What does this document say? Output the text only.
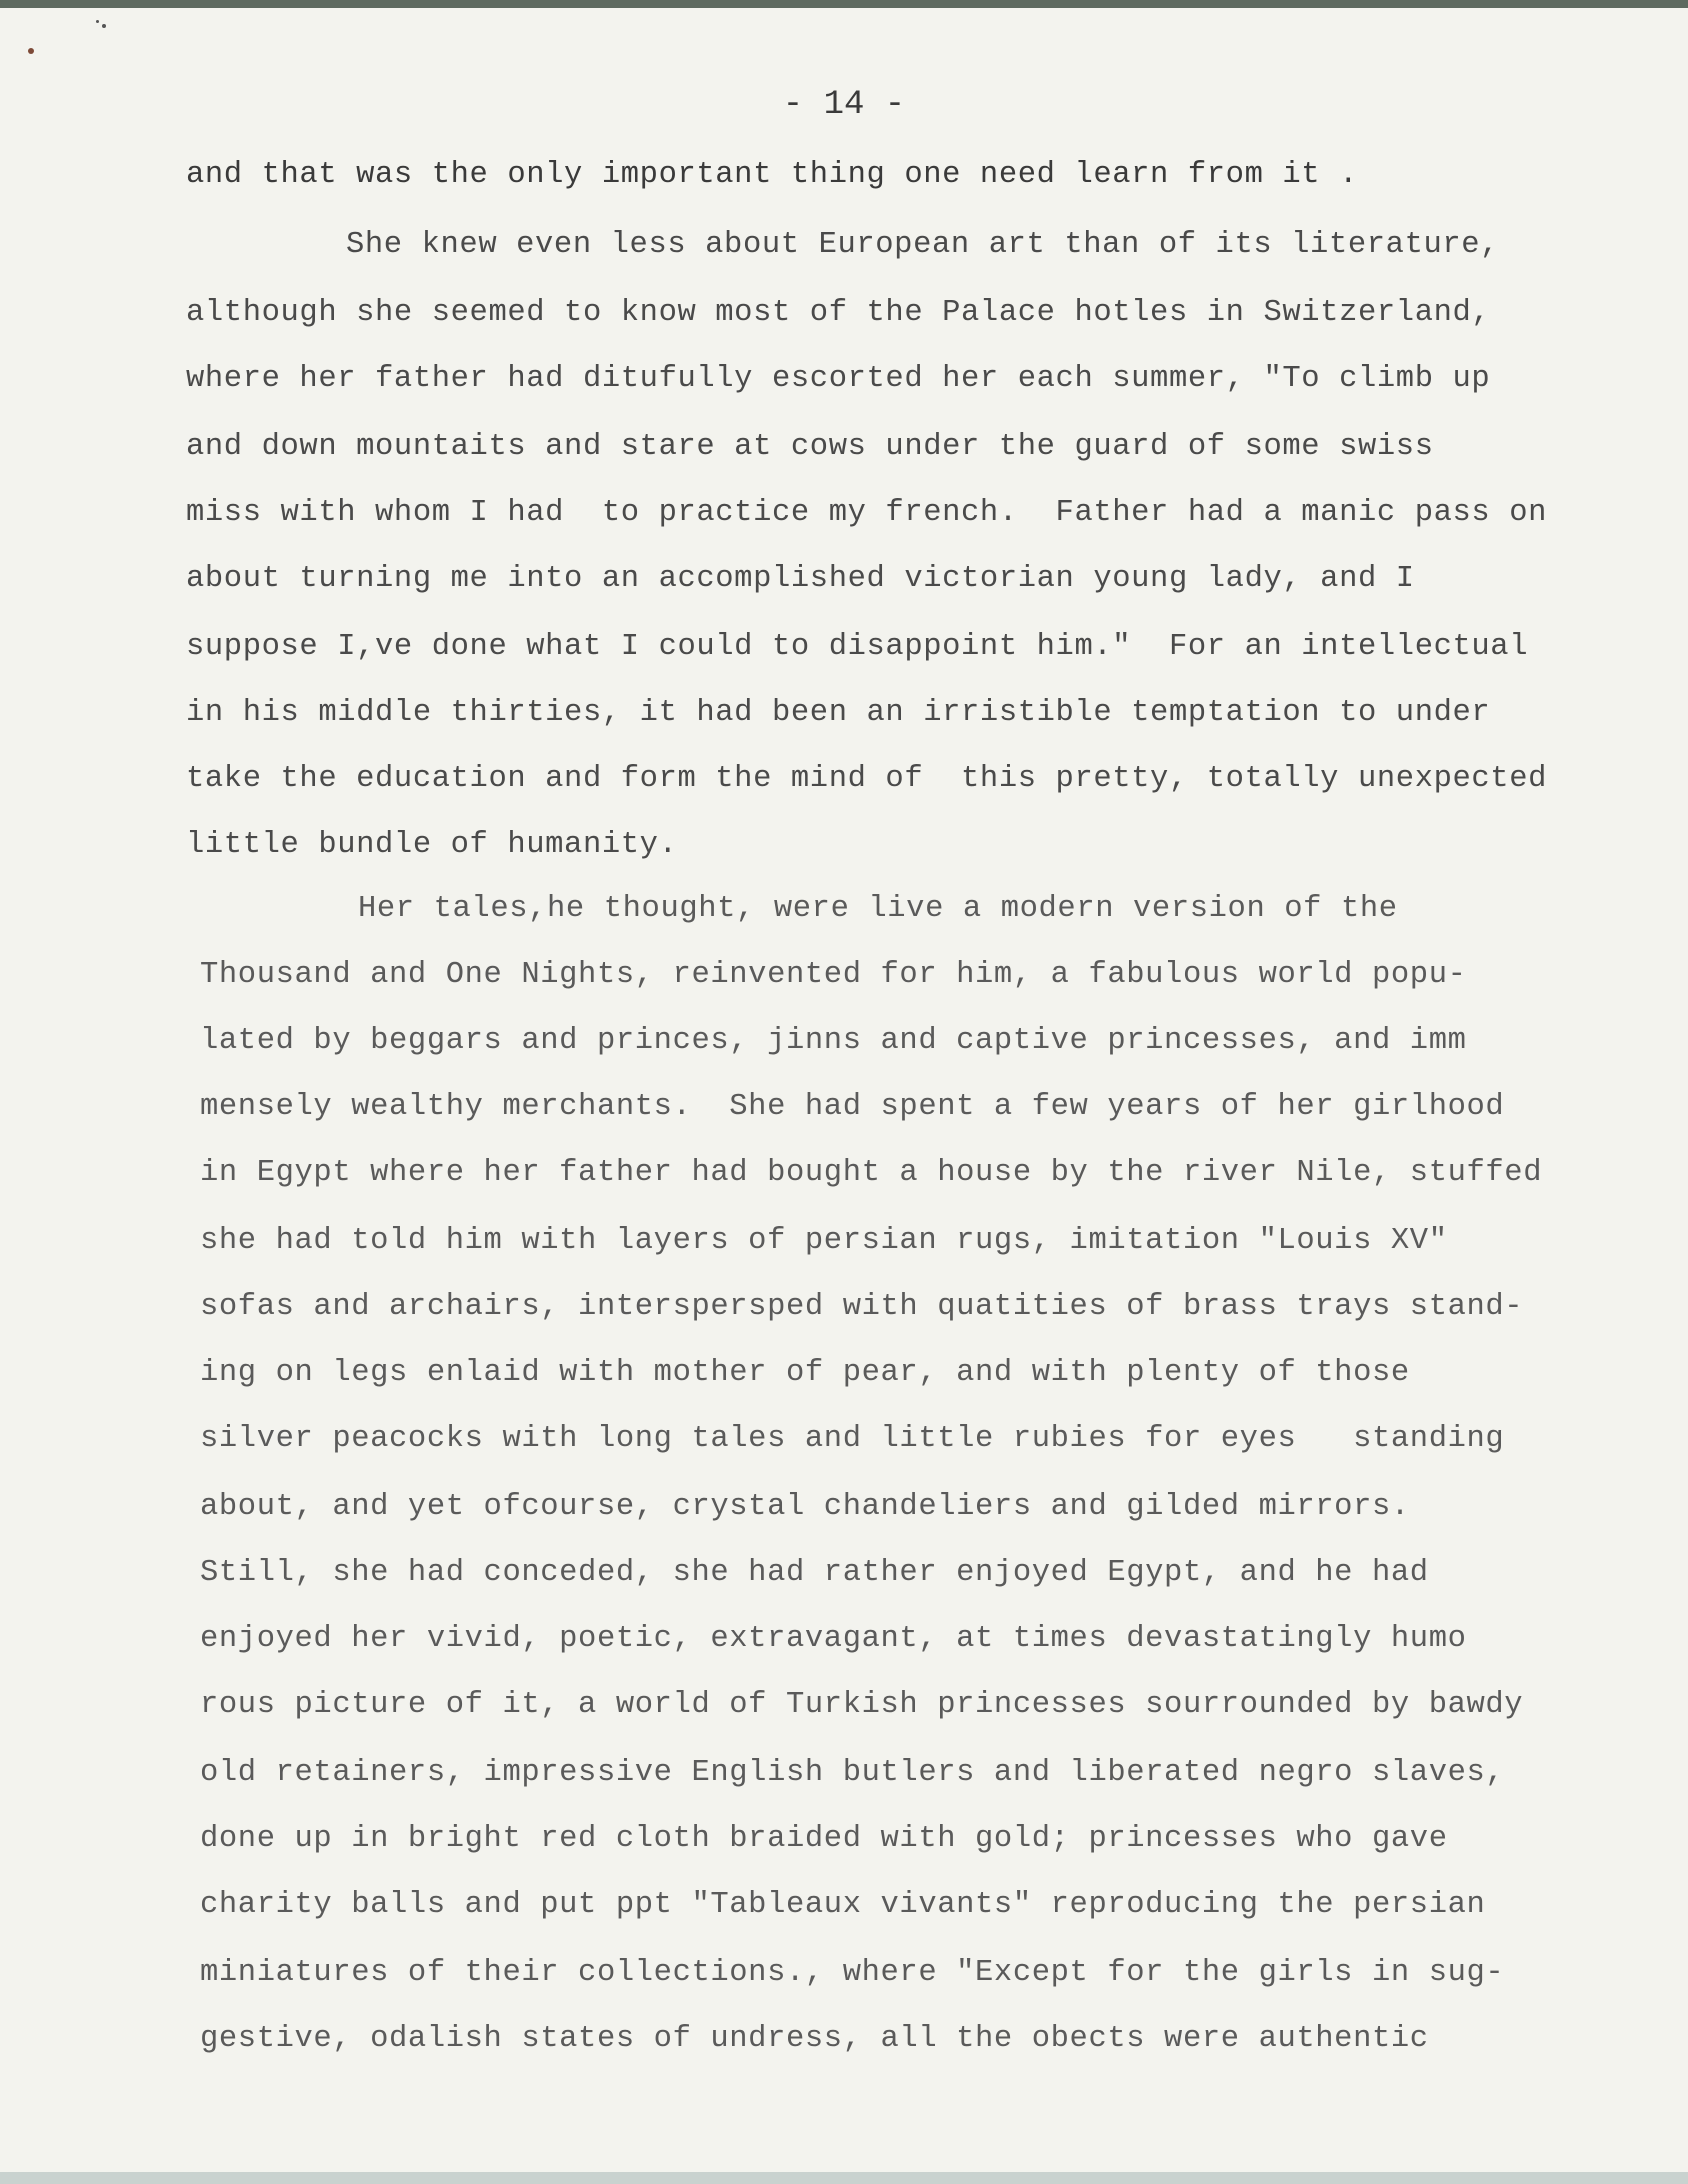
- 14 -
and that was the only important thing one need learn from it .
She knew even less about European art than of its literature,
although she seemed to know most of the Palace hotles in Switzerland,
where her father had ditufully escorted her each summer, "To climb up
and down mountaits and stare at cows under the guard of some swiss
miss with whom I had  to practice my french.  Father had a manic pass on
about turning me into an accomplished victorian young lady, and I
suppose I,ve done what I could to disappoint him."  For an intellectual
in his middle thirties, it had been an irristible temptation to under
take the education and form the mind of  this pretty, totally unexpected
little bundle of humanity.
Her tales,he thought, were live a modern version of the
Thousand and One Nights, reinvented for him, a fabulous world popu-
lated by beggars and princes, jinns and captive princesses, and imm
mensely wealthy merchants.  She had spent a few years of her girlhood
in Egypt where her father had bought a house by the river Nile, stuffed
she had told him with layers of persian rugs, imitation "Louis XV"
sofas and archairs, interspersped with quatities of brass trays stand-
ing on legs enlaid with mother of pear, and with plenty of those
silver peacocks with long tales and little rubies for eyes   standing
about, and yet ofcourse, crystal chandeliers and gilded mirrors.
Still, she had conceded, she had rather enjoyed Egypt, and he had
enjoyed her vivid, poetic, extravagant, at times devastatingly humo
rous picture of it, a world of Turkish princesses sourrounded by bawdy
old retainers, impressive English butlers and liberated negro slaves,
done up in bright red cloth braided with gold; princesses who gave
charity balls and put ppt "Tableaux vivants" reproducing the persian
miniatures of their collections., where "Except for the girls in sug-
gestive, odalish states of undress, all the obects were authentic
